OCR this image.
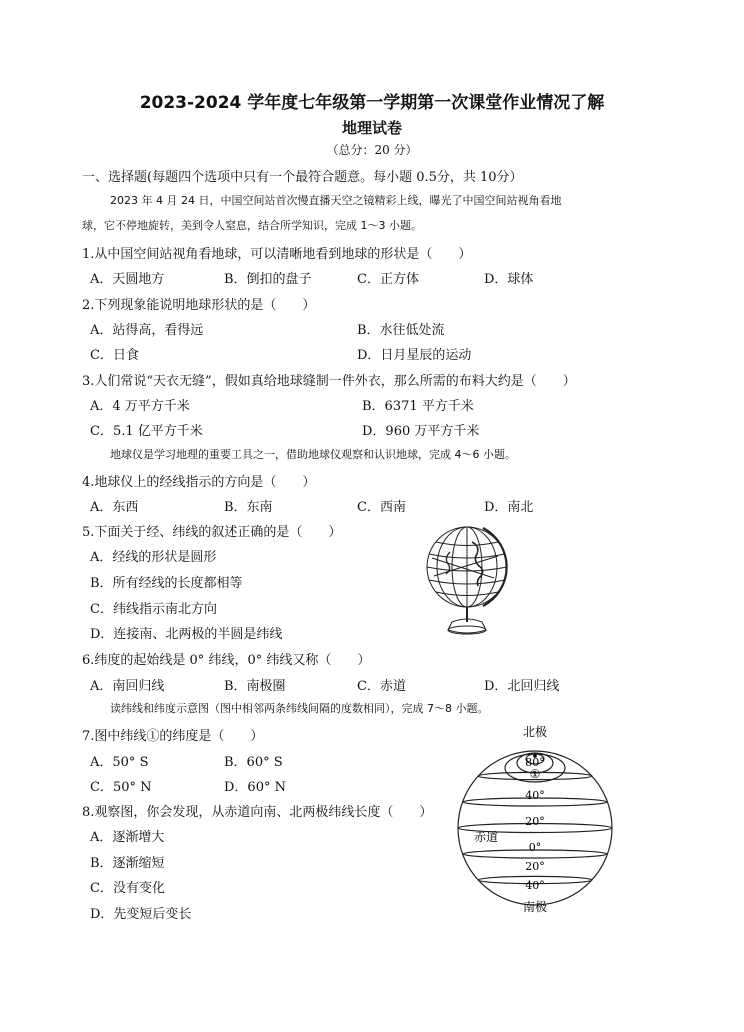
2023-2024 学年度七年级第一学期第一次课堂作业情况了解
地理试卷
（总分：20 分）
一、选择题(每题四个选项中只有一个最符合题意。每小题 0.5分，共 10分）
2023 年 4 月 24 日，中国空间站首次慢直播天空之镜精彩上线，曝光了中国空间站视角看地
球，它不停地旋转，美到令人窒息，结合所学知识，完成 1～3 小题。
1.从中国空间站视角看地球，可以清晰地看到地球的形状是（　　）
A．天圆地方	B．倒扣的盘子	C．正方体	D．球体
2.下列现象能说明地球形状的是（　　）
A．站得高，看得远	B．水往低处流
C．日食	D．日月星辰的运动
3.人们常说“天衣无缝”，假如真给地球缝制一件外衣，那么所需的布料大约是（　　）
A．4 万平方千米	B．6371 平方千米
C．5.1 亿平方千米	D．960 万平方千米
地球仪是学习地理的重要工具之一，借助地球仪观察和认识地球，完成 4～6 小题。
4.地球仪上的经线指示的方向是（　　）
A．东西	B．东南	C．西南	D．南北
5.下面关于经、纬线的叙述正确的是（　　）
A．经线的形状是圆形
B．所有经线的长度都相等
C．纬线指示南北方向
D．连接南、北两极的半圆是纬线
6.纬度的起始线是 0° 纬线，0° 纬线又称（　　）
A．南回归线	B．南极圈	C．赤道	D．北回归线
读纬线和纬度示意图（图中相邻两条纬线间隔的度数相同），完成 7～8 小题。
7.图中纬线①的纬度是（　　）
A．50° S	B．60° S
C．50° N	D．60° N
8.观察图，你会发现，从赤道向南、北两极纬线长度（　　）
A．逐渐增大
B．逐渐缩短
C．没有变化
D．先变短后变长
北极
80°
①
40°
20°
赤道
0°
20°
40°
南极
